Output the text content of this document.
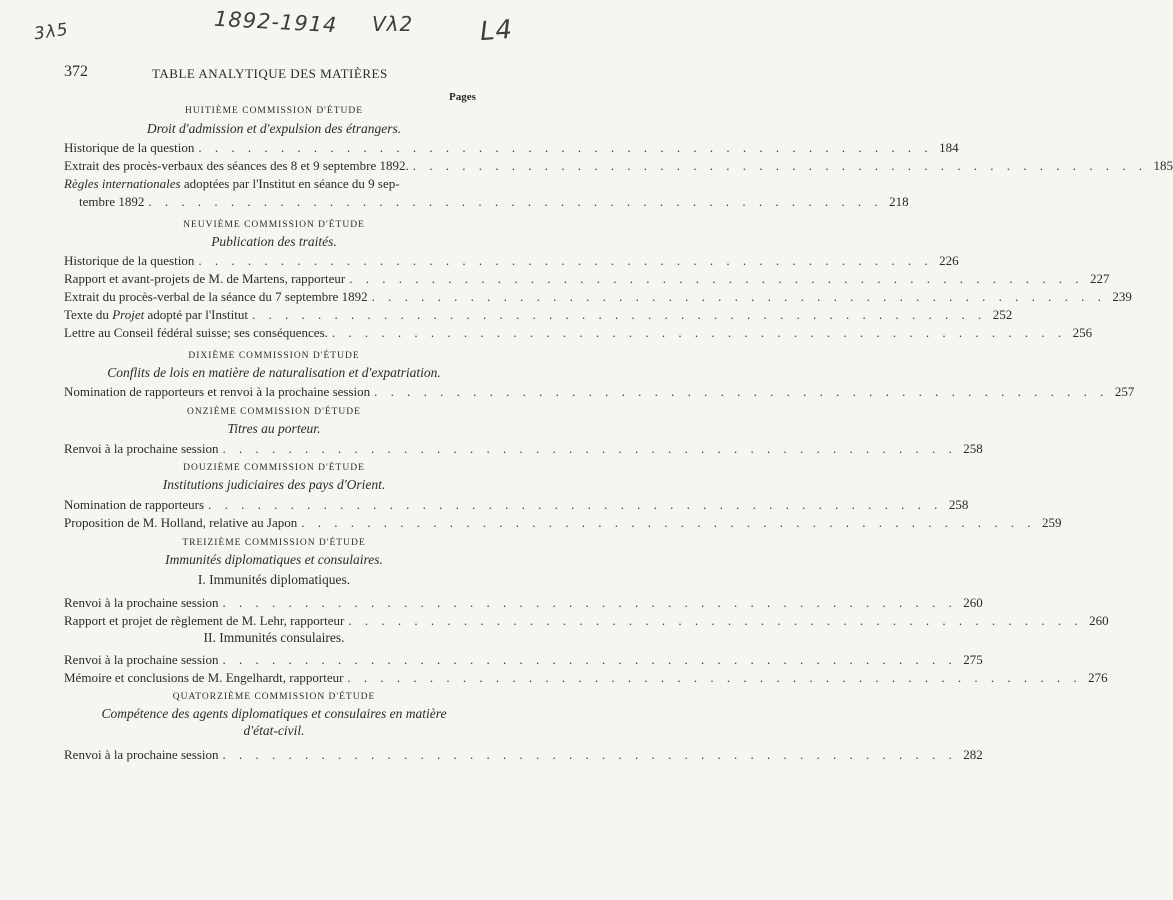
3λ5	1892-1914 Vλ2	L4
372	TABLE ANALYTIQUE DES MATIÈRES
Pages
HUITIÈME COMMISSION D'ÉTUDE
Droit d'admission et d'expulsion des étrangers.
Historique de la question . . . . . . . . . . . . . . . . . . . . . . . . . . . . . . . . . . . . . . . . . . . . . 184
Extrait des procès-verbaux des séances des 8 et 9 septembre 1892. . . . . . . . . . . . . . . . . . . . . . . . . . . . . . . . . . . . . . . . . . . . . . 185
Règles internationales adoptées par l'Institut en séance du 9 sep-
tembre 1892 . . . . . . . . . . . . . . . . . . . . . . . . . . . . . . . . . . . . . . . . . . . . . 218
NEUVIÈME COMMISSION D'ÉTUDE
Publication des traités.
Historique de la question . . . . . . . . . . . . . . . . . . . . . . . . . . . . . . . . . . . . . . . . . . . . . 226
Rapport et avant-projets de M. de Martens, rapporteur . . . . . . . . . . . . . . . . . . . . . . . . . . . . . . . . . . . . . . . . . . . . . 227
Extrait du procès-verbal de la séance du 7 septembre 1892 . . . . . . . . . . . . . . . . . . . . . . . . . . . . . . . . . . . . . . . . . . . . . 239
Texte du Projet adopté par l'Institut . . . . . . . . . . . . . . . . . . . . . . . . . . . . . . . . . . . . . . . . . . . . . 252
Lettre au Conseil fédéral suisse; ses conséquences. . . . . . . . . . . . . . . . . . . . . . . . . . . . . . . . . . . . . . . . . . . . . . 256
DIXIÈME COMMISSION D'ÉTUDE
Conflits de lois en matière de naturalisation et d'expatriation.
Nomination de rapporteurs et renvoi à la prochaine session . . . . . . . . . . . . . . . . . . . . . . . . . . . . . . . . . . . . . . . . . . . . . 257
ONZIÈME COMMISSION D'ÉTUDE
Titres au porteur.
Renvoi à la prochaine session . . . . . . . . . . . . . . . . . . . . . . . . . . . . . . . . . . . . . . . . . . . . . 258
DOUZIÈME COMMISSION D'ÉTUDE
Institutions judiciaires des pays d'Orient.
Nomination de rapporteurs . . . . . . . . . . . . . . . . . . . . . . . . . . . . . . . . . . . . . . . . . . . . . 258
Proposition de M. Holland, relative au Japon . . . . . . . . . . . . . . . . . . . . . . . . . . . . . . . . . . . . . . . . . . . . . 259
TREIZIÈME COMMISSION D'ÉTUDE
Immunités diplomatiques et consulaires.
I. Immunités diplomatiques.
Renvoi à la prochaine session . . . . . . . . . . . . . . . . . . . . . . . . . . . . . . . . . . . . . . . . . . . . . 260
Rapport et projet de règlement de M. Lehr, rapporteur . . . . . . . . . . . . . . . . . . . . . . . . . . . . . . . . . . . . . . . . . . . . . 260
II. Immunités consulaires.
Renvoi à la prochaine session . . . . . . . . . . . . . . . . . . . . . . . . . . . . . . . . . . . . . . . . . . . . . 275
Mémoire et conclusions de M. Engelhardt, rapporteur . . . . . . . . . . . . . . . . . . . . . . . . . . . . . . . . . . . . . . . . . . . . . 276
QUATORZIÈME COMMISSION D'ÉTUDE
Compétence des agents diplomatiques et consulaires en matière
d'état-civil.
Renvoi à la prochaine session . . . . . . . . . . . . . . . . . . . . . . . . . . . . . . . . . . . . . . . . . . . . . 282
